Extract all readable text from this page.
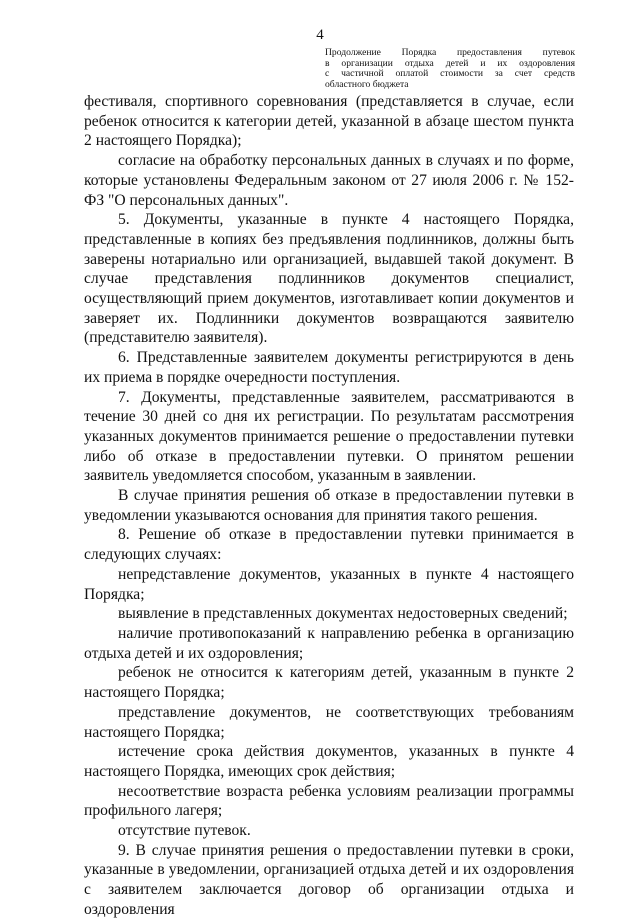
4
Продолжение Порядка предоставления путевок
в организации отдыха детей и их оздоровления
с частичной оплатой стоимости за счет средств
областного бюджета

фестиваля, спортивного соревнования (представляется в случае, если ребенок относится к категории детей, указанной в абзаце шестом пункта 2 настоящего Порядка);

согласие на обработку персональных данных в случаях и по форме, которые установлены Федеральным законом от 27 июля 2006 г. № 152-ФЗ "О персональных данных".

5. Документы, указанные в пункте 4 настоящего Порядка, представленные в копиях без предъявления подлинников, должны быть заверены нотариально или организацией, выдавшей такой документ. В случае представления подлинников документов специалист, осуществляющий прием документов, изготавливает копии документов и заверяет их. Подлинники документов возвращаются заявителю (представителю заявителя).

6. Представленные заявителем документы регистрируются в день их приема в порядке очередности поступления.

7. Документы, представленные заявителем, рассматриваются в течение 30 дней со дня их регистрации. По результатам рассмотрения указанных документов принимается решение о предоставлении путевки либо об отказе в предоставлении путевки. О принятом решении заявитель уведомляется способом, указанным в заявлении.

В случае принятия решения об отказе в предоставлении путевки в уведомлении указываются основания для принятия такого решения.

8. Решение об отказе в предоставлении путевки принимается в следующих случаях:

непредставление документов, указанных в пункте 4 настоящего Порядка;

выявление в представленных документах недостоверных сведений;

наличие противопоказаний к направлению ребенка в организацию отдыха детей и их оздоровления;

ребенок не относится к категориям детей, указанным в пункте 2 настоящего Порядка;

представление документов, не соответствующих требованиям настоящего Порядка;

истечение срока действия документов, указанных в пункте 4 настоящего Порядка, имеющих срок действия;

несоответствие возраста ребенка условиям реализации программы профильного лагеря;

отсутствие путевок.

9. В случае принятия решения о предоставлении путевки в сроки, указанные в уведомлении, организацией отдыха детей и их оздоровления с заявителем заключается договор об организации отдыха и оздоровления
